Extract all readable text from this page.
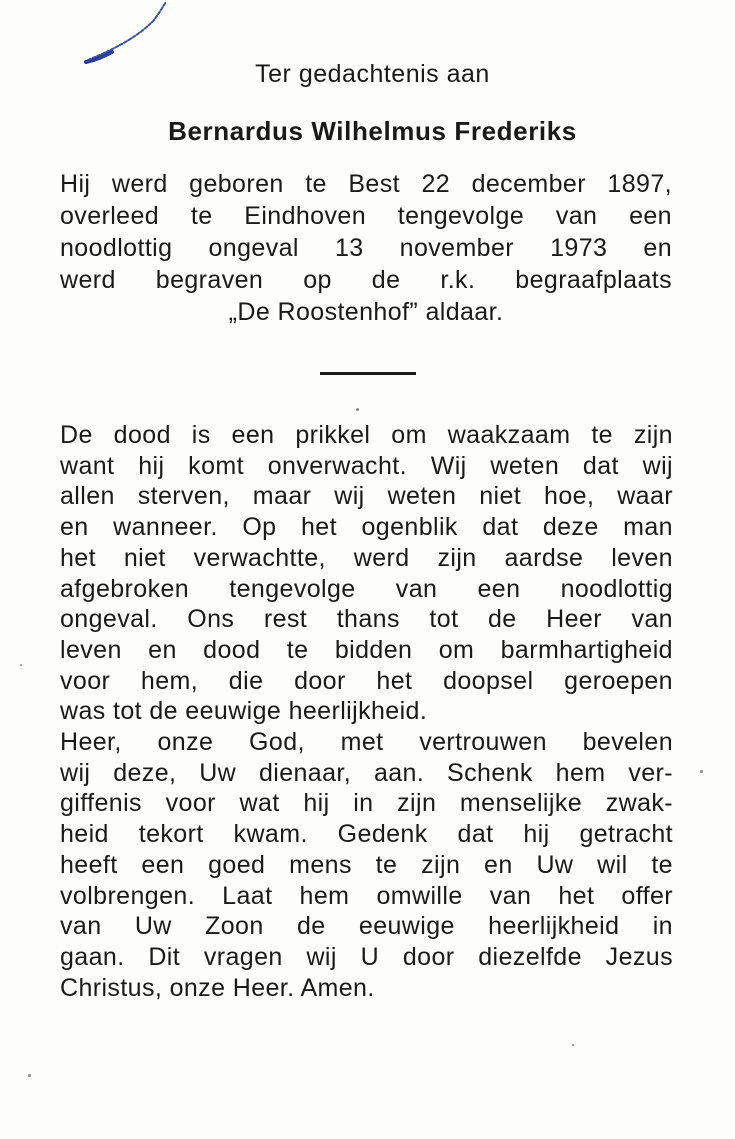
Ter gedachtenis aan
Bernardus Wilhelmus Frederiks
Hij werd geboren te Best 22 december 1897,
overleed te Eindhoven tengevolge van een
noodlottig ongeval 13 november 1973 en
werd begraven op de r.k. begraafplaats
„De Roostenhof” aldaar.
De dood is een prikkel om waakzaam te zijn
want hij komt onverwacht. Wij weten dat wij
allen sterven, maar wij weten niet hoe, waar
en wanneer. Op het ogenblik dat deze man
het niet verwachtte, werd zijn aardse leven
afgebroken tengevolge van een noodlottig
ongeval. Ons rest thans tot de Heer van
leven en dood te bidden om barmhartigheid
voor hem, die door het doopsel geroepen
was tot de eeuwige heerlijkheid.
Heer, onze God, met vertrouwen bevelen
wij deze, Uw dienaar, aan. Schenk hem ver-
giffenis voor wat hij in zijn menselijke zwak-
heid tekort kwam. Gedenk dat hij getracht
heeft een goed mens te zijn en Uw wil te
volbrengen. Laat hem omwille van het offer
van Uw Zoon de eeuwige heerlijkheid in
gaan. Dit vragen wij U door diezelfde Jezus
Christus, onze Heer. Amen.
